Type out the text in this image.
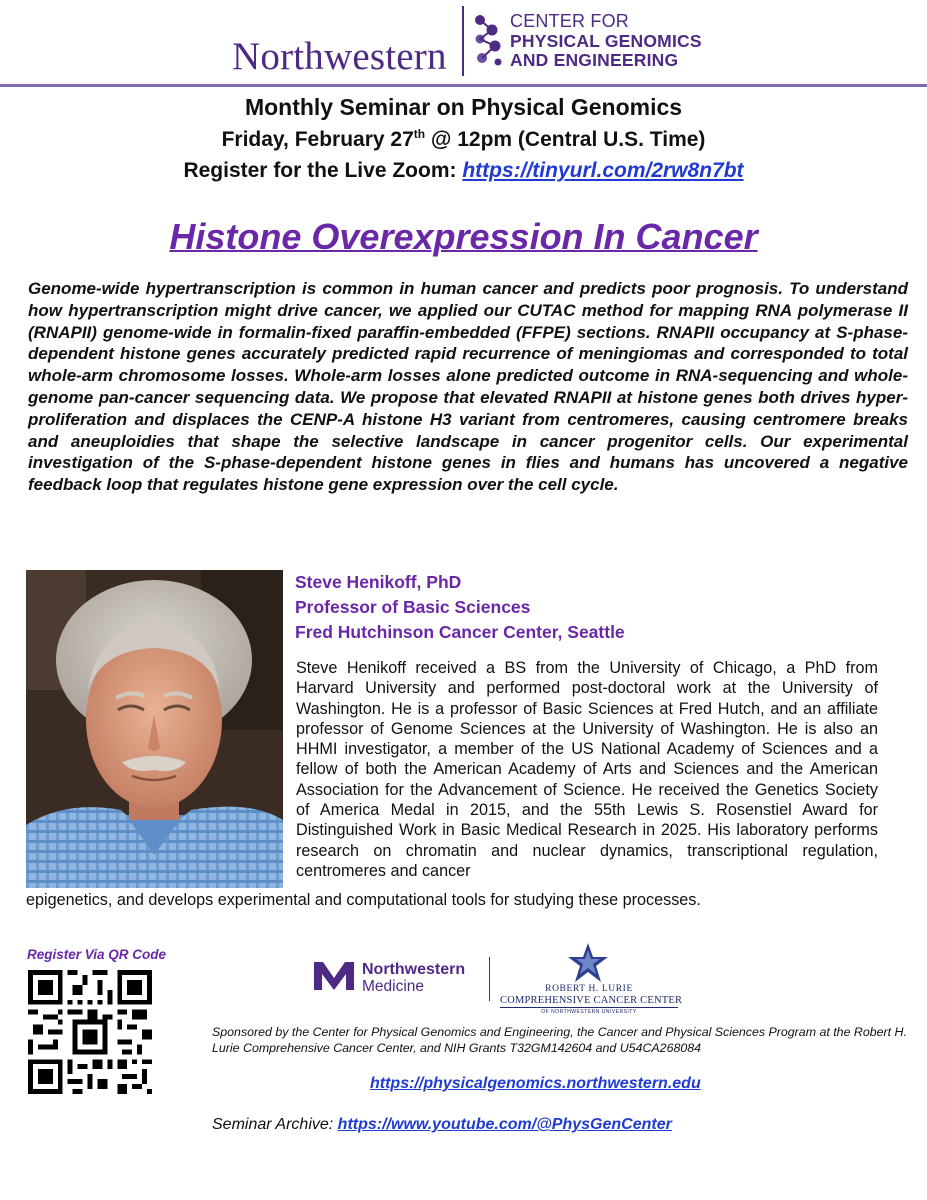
Northwestern
CENTER FOR
PHYSICAL GENOMICS
AND ENGINEERING
Monthly Seminar on Physical Genomics
Friday, February 27th @ 12pm (Central U.S. Time)
Register for the Live Zoom: https://tinyurl.com/2rw8n7bt
Histone Overexpression In Cancer
Genome-wide hypertranscription is common in human cancer and predicts poor prognosis. To understand how hypertranscription might drive cancer, we applied our CUTAC method for mapping RNA polymerase II (RNAPII) genome-wide in formalin-fixed paraffin-embedded (FFPE) sections. RNAPII occupancy at S-phase-dependent histone genes accurately predicted rapid recurrence of meningiomas and corresponded to total whole-arm chromosome losses. Whole-arm losses alone predicted outcome in RNA-sequencing and whole-genome pan-cancer sequencing data. We propose that elevated RNAPII at histone genes both drives hyper-proliferation and displaces the CENP-A histone H3 variant from centromeres, causing centromere breaks and aneuploidies that shape the selective landscape in cancer progenitor cells. Our experimental investigation of the S-phase-dependent histone genes in flies and humans has uncovered a negative feedback loop that regulates histone gene expression over the cell cycle.
Steve Henikoff, PhD
Professor of Basic Sciences
Fred Hutchinson Cancer Center, Seattle
Steve Henikoff received a BS from the University of Chicago, a PhD from Harvard University and performed post-doctoral work at the University of Washington. He is a professor of Basic Sciences at Fred Hutch, and an affiliate professor of Genome Sciences at the University of Washington. He is also an HHMI investigator, a member of the US National Academy of Sciences and a fellow of both the American Academy of Arts and Sciences and the American Association for the Advancement of Science. He received the Genetics Society of America Medal in 2015, and the 55th Lewis S. Rosenstiel Award for Distinguished Work in Basic Medical Research in 2025. His laboratory performs research on chromatin and nuclear dynamics, transcriptional regulation, centromeres and cancer
epigenetics, and develops experimental and computational tools for studying these processes.
Register Via QR Code
Northwestern
Medicine	ROBERT H. LURIE
COMPREHENSIVE CANCER CENTER
OF NORTHWESTERN UNIVERSITY
Sponsored by the Center for Physical Genomics and Engineering, the Cancer and Physical Sciences Program at the Robert H. Lurie Comprehensive Cancer Center, and NIH Grants T32GM142604 and U54CA268084
https://physicalgenomics.northwestern.edu
Seminar Archive: https://www.youtube.com/@PhysGenCenter
